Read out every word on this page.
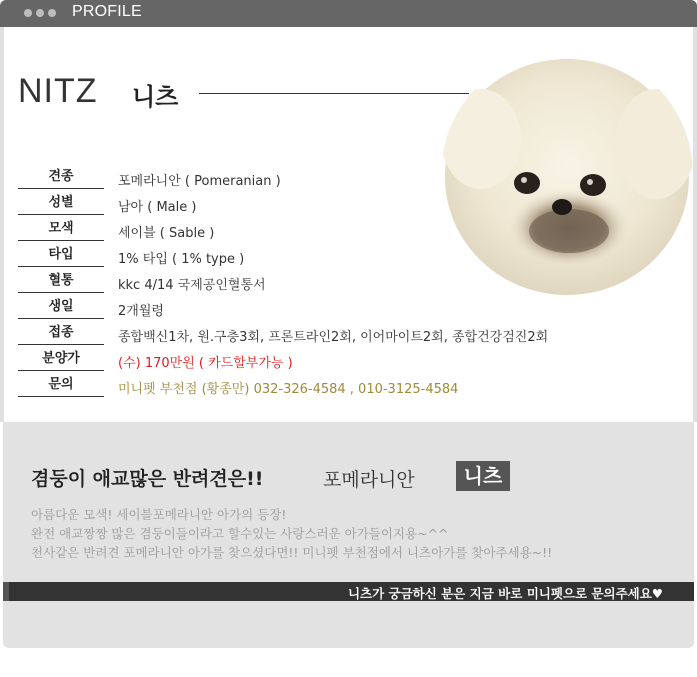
PROFILE
NITZ 니츠
견종	포메라니안 ( Pomeranian )
성별	남아 ( Male )
모색	세이블 ( Sable )
타입	1% 타입 ( 1% type )
혈통	kkc 4/14 국제공인혈통서
생일	2개월령
접종	종합백신1차, 원.구충3회, 프론트라인2회, 이어마이트2회, 종합건강검진2회
분양가	(수) 170만원 ( 카드할부가능 )
문의	미니펫 부천점 (황종만) 032-326-4584 , 010-3125-4584
겸둥이 애교많은 반려견은!!	포메라니안	니츠
아름다운 모색! 세이블포메라니안 아가의 등장!
완전 애교짱짱 많은 겸둥이들이라고 할수있는 사랑스러운 아가들이지용~^^
천사같은 반려견 포메라니안 아가를 찾으셨다면!! 미니펫 부천점에서 니츠아가를 찾아주세용~!!
니츠가 궁금하신 분은 지금 바로 미니펫으로 문의주세요♥
